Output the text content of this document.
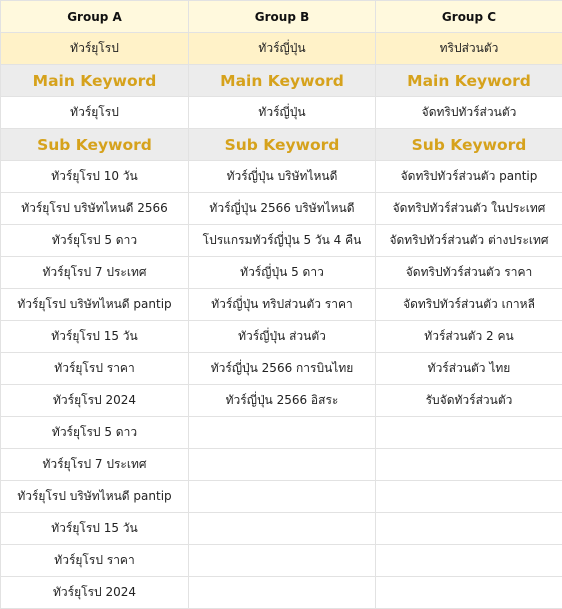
Group A	Group B	Group C
ทัวร์ยุโรป	ทัวร์ญี่ปุ่น	ทริปส่วนตัว
Main Keyword	Main Keyword	Main Keyword
ทัวร์ยุโรป	ทัวร์ญี่ปุ่น	จัดทริปทัวร์ส่วนตัว
Sub Keyword	Sub Keyword	Sub Keyword
ทัวร์ยุโรป 10 วัน	ทัวร์ญี่ปุ่น บริษัทไหนดี	จัดทริปทัวร์ส่วนตัว pantip
ทัวร์ยุโรป บริษัทไหนดี 2566	ทัวร์ญี่ปุ่น 2566 บริษัทไหนดี	จัดทริปทัวร์ส่วนตัว ในประเทศ
ทัวร์ยุโรป 5 ดาว	โปรแกรมทัวร์ญี่ปุ่น 5 วัน 4 คืน	จัดทริปทัวร์ส่วนตัว ต่างประเทศ
ทัวร์ยุโรป 7 ประเทศ	ทัวร์ญี่ปุ่น 5 ดาว	จัดทริปทัวร์ส่วนตัว ราคา
ทัวร์ยุโรป บริษัทไหนดี pantip	ทัวร์ญี่ปุ่น ทริปส่วนตัว ราคา	จัดทริปทัวร์ส่วนตัว เกาหลี
ทัวร์ยุโรป 15 วัน	ทัวร์ญี่ปุ่น ส่วนตัว	ทัวร์ส่วนตัว 2 คน
ทัวร์ยุโรป ราคา	ทัวร์ญี่ปุ่น 2566 การบินไทย	ทัวร์ส่วนตัว ไทย
ทัวร์ยุโรป 2024	ทัวร์ญี่ปุ่น 2566 อิสระ	รับจัดทัวร์ส่วนตัว
ทัวร์ยุโรป 5 ดาว		
ทัวร์ยุโรป 7 ประเทศ		
ทัวร์ยุโรป บริษัทไหนดี pantip		
ทัวร์ยุโรป 15 วัน		
ทัวร์ยุโรป ราคา		
ทัวร์ยุโรป 2024		
